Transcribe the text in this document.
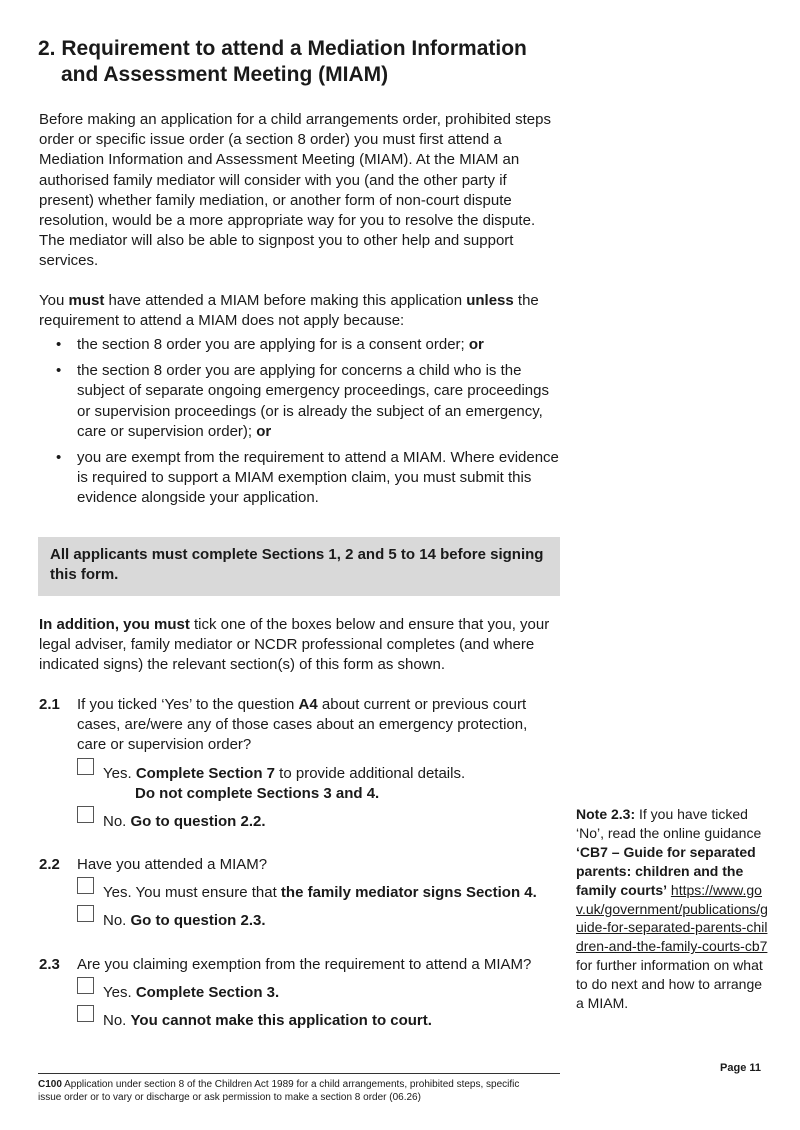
2. Requirement to attend a Mediation Information
and Assessment Meeting (MIAM)

Before making an application for a child arrangements order, prohibited steps order or specific issue order (a section 8 order) you must first attend a Mediation Information and Assessment Meeting (MIAM). At the MIAM an authorised family mediator will consider with you (and the other party if present) whether family mediation, or another form of non-court dispute resolution, would be a more appropriate way for you to resolve the dispute. The mediator will also be able to signpost you to other help and support services.

You must have attended a MIAM before making this application unless the requirement to attend a MIAM does not apply because:

• the section 8 order you are applying for is a consent order; or
• the section 8 order you are applying for concerns a child who is the subject of separate ongoing emergency proceedings, care proceedings or supervision proceedings (or is already the subject of an emergency, care or supervision order); or
• you are exempt from the requirement to attend a MIAM. Where evidence is required to support a MIAM exemption claim, you must submit this evidence alongside your application.
All applicants must complete Sections 1, 2 and 5 to 14 before signing this form.

In addition, you must tick one of the boxes below and ensure that you, your legal adviser, family mediator or NCDR professional completes (and where indicated signs) the relevant section(s) of this form as shown.

2.1 If you ticked ‘Yes’ to the question A4 about current or previous court cases, are/were any of those cases about an emergency protection, care or supervision order?
Yes. Complete Section 7 to provide additional details.
Do not complete Sections 3 and 4.
No. Go to question 2.2.
2.2 Have you attended a MIAM?
Yes. You must ensure that the family mediator signs Section 4.
No. Go to question 2.3.
2.3 Are you claiming exemption from the requirement to attend a MIAM?
Yes. Complete Section 3.
No. You cannot make this application to court.
Note 2.3: If you have ticked ‘No’, read the online guidance ‘CB7 – Guide for separated parents: children and the family courts’ https://www.gov.uk/government/publications/guide-for-separated-parents-children-and-the-family-courts-cb7 for further information on what to do next and how to arrange a MIAM.
Page 11
C100 Application under section 8 of the Children Act 1989 for a child arrangements, prohibited steps, specific issue order or to vary or discharge or ask permission to make a section 8 order (06.26)
